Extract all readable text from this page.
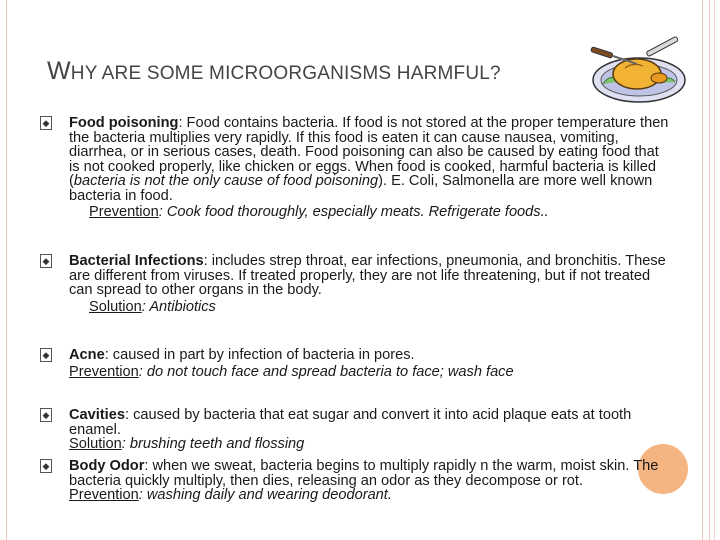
WHY ARE SOME MICROORGANISMS HARMFUL?
◆ Food poisoning: Food contains bacteria. If food is not stored at the proper temperature then the bacteria multiplies very rapidly. If this food is eaten it can cause nausea, vomiting, diarrhea, or in serious cases, death. Food poisoning can also be caused by eating food that is not cooked properly, like chicken or eggs. When food is cooked, harmful bacteria is killed (bacteria is not the only cause of food poisoning). E. Coli, Salmonella are more well known bacteria in food.
Prevention: Cook food thoroughly, especially meats. Refrigerate foods..
◆ Bacterial Infections: includes strep throat, ear infections, pneumonia, and bronchitis. These are different from viruses. If treated properly, they are not life threatening, but if not treated can spread to other organs in the body.
Solution: Antibiotics
◆ Acne: caused in part by infection of bacteria in pores.
Prevention: do not touch face and spread bacteria to face; wash face
◆ Cavities: caused by bacteria that eat sugar and convert it into acid plaque eats at tooth enamel.
Solution: brushing teeth and flossing
◆ Body Odor: when we sweat, bacteria begins to multiply rapidly n the warm, moist skin. The bacteria quickly multiply, then dies, releasing an odor as they decompose or rot.
Prevention: washing daily and wearing deodorant.
